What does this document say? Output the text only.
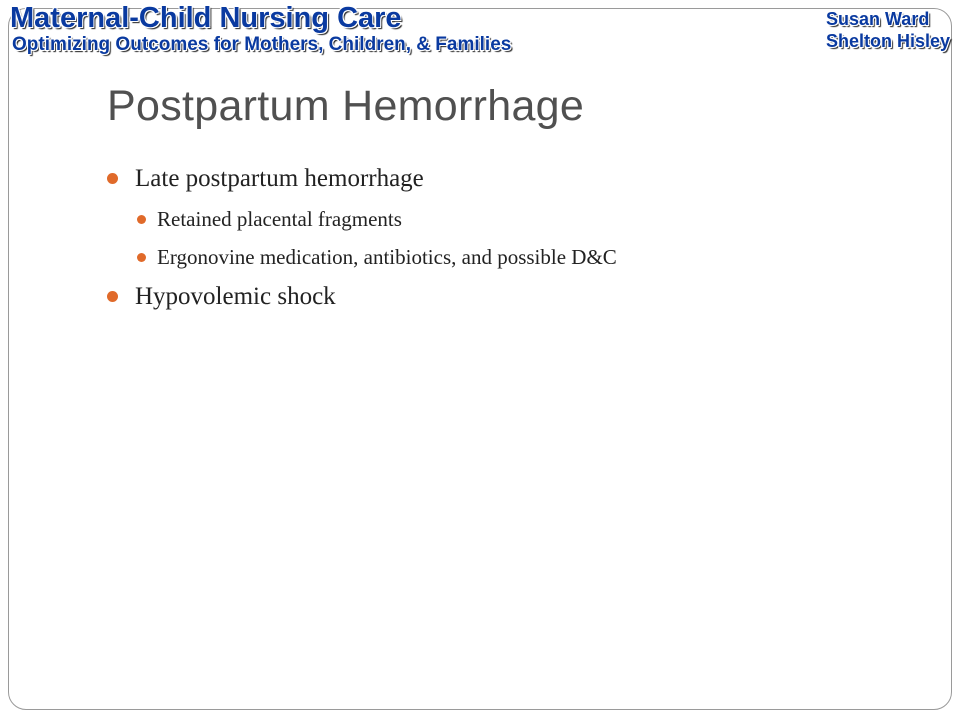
Maternal-Child Nursing Care
Optimizing Outcomes for Mothers, Children, & Families
Susan Ward
Shelton Hisley
Postpartum Hemorrhage
Late postpartum hemorrhage
Retained placental fragments
Ergonovine medication, antibiotics, and possible D&C
Hypovolemic shock
